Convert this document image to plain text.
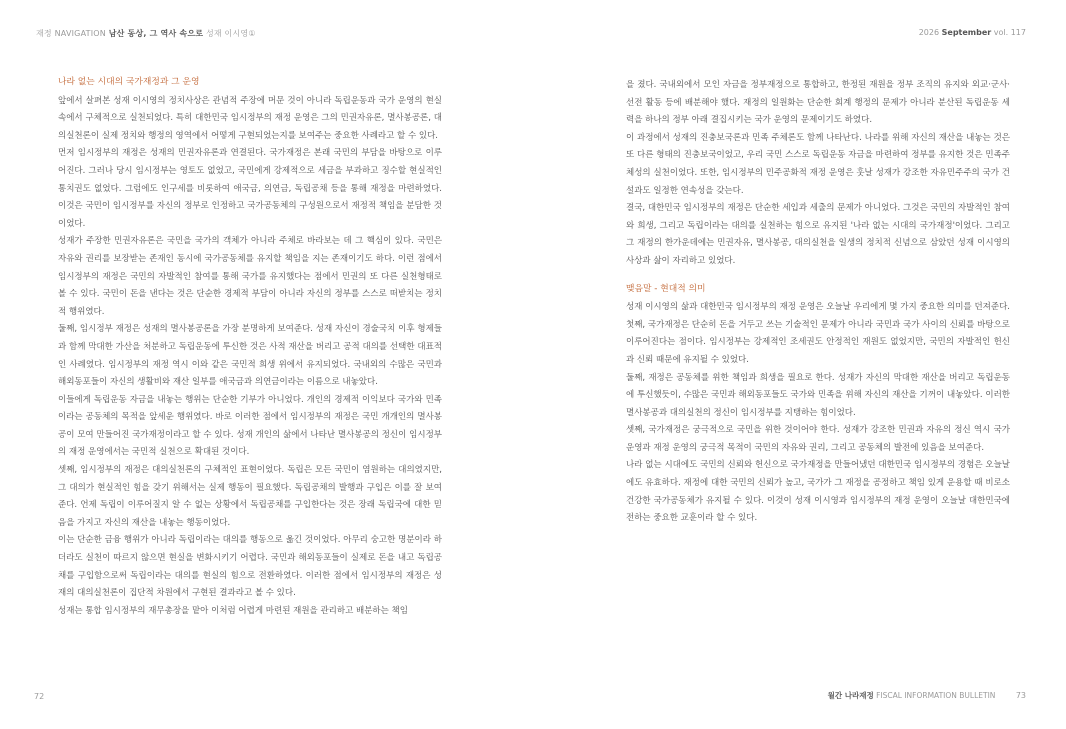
재정 NAVIGATION 남산 동상, 그 역사 속으로 성재 이시영①	2026 September vol. 117
나라 없는 시대의 국가재정과 그 운영

앞에서 살펴본 성재 이시영의 정치사상은 관념적 주장에 머문 것이 아니라 독립운동과 국가 운영의 현실 속에서 구체적으로 실천되었다. 특히 대한민국 임시정부의 재정 운영은 그의 민권자유론, 멸사봉공론, 대의실천론이 실제 정치와 행정의 영역에서 어떻게 구현되었는지를 보여주는 중요한 사례라고 할 수 있다.

먼저 임시정부의 재정은 성재의 민권자유론과 연결된다. 국가재정은 본래 국민의 부담을 바탕으로 이루어진다. 그러나 당시 임시정부는 영토도 없었고, 국민에게 강제적으로 세금을 부과하고 징수할 현실적인 통치권도 없었다. 그럼에도 인구세를 비롯하여 애국금, 의연금, 독립공채 등을 통해 재정을 마련하였다. 이것은 국민이 임시정부를 자신의 정부로 인정하고 국가공동체의 구성원으로서 재정적 책임을 분담한 것이었다.

성재가 주장한 민권자유론은 국민을 국가의 객체가 아니라 주체로 바라보는 데 그 핵심이 있다. 국민은 자유와 권리를 보장받는 존재인 동시에 국가공동체를 유지할 책임을 지는 존재이기도 하다. 이런 점에서 임시정부의 재정은 국민의 자발적인 참여를 통해 국가를 유지했다는 점에서 민권의 또 다른 실천형태로 볼 수 있다. 국민이 돈을 낸다는 것은 단순한 경제적 부담이 아니라 자신의 정부를 스스로 떠받치는 정치적 행위였다.

둘째, 임시정부 재정은 성재의 멸사봉공론을 가장 분명하게 보여준다. 성재 자신이 경술국치 이후 형제들과 함께 막대한 가산을 처분하고 독립운동에 투신한 것은 사적 재산을 버리고 공적 대의를 선택한 대표적인 사례였다. 임시정부의 재정 역시 이와 같은 국민적 희생 위에서 유지되었다. 국내외의 수많은 국민과 해외동포들이 자신의 생활비와 재산 일부를 애국금과 의연금이라는 이름으로 내놓았다.

이들에게 독립운동 자금을 내놓는 행위는 단순한 기부가 아니었다. 개인의 경제적 이익보다 국가와 민족이라는 공동체의 목적을 앞세운 행위였다. 바로 이러한 점에서 임시정부의 재정은 국민 개개인의 멸사봉공이 모여 만들어진 국가재정이라고 할 수 있다. 성재 개인의 삶에서 나타난 멸사봉공의 정신이 임시정부의 재정 운영에서는 국민적 실천으로 확대된 것이다.

셋째, 임시정부의 재정은 대의실천론의 구체적인 표현이었다. 독립은 모든 국민이 염원하는 대의였지만, 그 대의가 현실적인 힘을 갖기 위해서는 실제 행동이 필요했다. 독립공채의 발행과 구입은 이를 잘 보여준다. 언제 독립이 이루어질지 알 수 없는 상황에서 독립공채를 구입한다는 것은 장래 독립국에 대한 믿음을 가지고 자신의 재산을 내놓는 행동이었다.

이는 단순한 금융 행위가 아니라 독립이라는 대의를 행동으로 옮긴 것이었다. 아무리 숭고한 명분이라 하더라도 실천이 따르지 않으면 현실을 변화시키기 어렵다. 국민과 해외동포들이 실제로 돈을 내고 독립공채를 구입함으로써 독립이라는 대의를 현실의 힘으로 전환하였다. 이러한 점에서 임시정부의 재정은 성재의 대의실천론이 집단적 차원에서 구현된 결과라고 볼 수 있다.

성재는 통합 임시정부의 재무총장을 맡아 이처럼 어렵게 마련된 재원을 관리하고 배분하는 책임

을 졌다. 국내외에서 모인 자금을 정부재정으로 통합하고, 한정된 재원을 정부 조직의 유지와 외교·군사·선전 활동 등에 배분해야 했다. 재정의 일원화는 단순한 회계 행정의 문제가 아니라 분산된 독립운동 세력을 하나의 정부 아래 결집시키는 국가 운영의 문제이기도 하였다.

이 과정에서 성재의 진충보국론과 민족 주체론도 함께 나타난다. 나라를 위해 자신의 재산을 내놓는 것은 또 다른 형태의 진충보국이었고, 우리 국민 스스로 독립운동 자금을 마련하여 정부를 유지한 것은 민족주체성의 실천이었다. 또한, 임시정부의 민주공화적 재정 운영은 훗날 성재가 강조한 자유민주주의 국가 건설과도 일정한 연속성을 갖는다.

결국, 대한민국 임시정부의 재정은 단순한 세입과 세출의 문제가 아니었다. 그것은 국민의 자발적인 참여와 희생, 그리고 독립이라는 대의를 실천하는 힘으로 유지된 '나라 없는 시대의 국가재정'이었다. 그리고 그 재정의 한가운데에는 민권자유, 멸사봉공, 대의실천을 일생의 정치적 신념으로 삼았던 성재 이시영의 사상과 삶이 자리하고 있었다.

맺음말 - 현대적 의미

성재 이시영의 삶과 대한민국 임시정부의 재정 운영은 오늘날 우리에게 몇 가지 중요한 의미를 던져준다. 첫째, 국가재정은 단순히 돈을 거두고 쓰는 기술적인 문제가 아니라 국민과 국가 사이의 신뢰를 바탕으로 이루어진다는 점이다. 임시정부는 강제적인 조세권도 안정적인 재원도 없었지만, 국민의 자발적인 헌신과 신뢰 때문에 유지될 수 있었다.

둘째, 재정은 공동체를 위한 책임과 희생을 필요로 한다. 성재가 자신의 막대한 재산을 버리고 독립운동에 투신했듯이, 수많은 국민과 해외동포들도 국가와 민족을 위해 자신의 재산을 기꺼이 내놓았다. 이러한 멸사봉공과 대의실천의 정신이 임시정부를 지탱하는 힘이었다.

셋째, 국가재정은 궁극적으로 국민을 위한 것이어야 한다. 성재가 강조한 민권과 자유의 정신 역시 국가 운영과 재정 운영의 궁극적 목적이 국민의 자유와 권리, 그리고 공동체의 발전에 있음을 보여준다.

나라 없는 시대에도 국민의 신뢰와 헌신으로 국가재정을 만들어냈던 대한민국 임시정부의 경험은 오늘날에도 유효하다. 재정에 대한 국민의 신뢰가 높고, 국가가 그 재정을 공정하고 책임 있게 운용할 때 비로소 건강한 국가공동체가 유지될 수 있다. 이것이 성재 이시영과 임시정부의 재정 운영이 오늘날 대한민국에 전하는 중요한 교훈이라 할 수 있다.

72	월간 나라재정 FISCAL INFORMATION BULLETIN	73
